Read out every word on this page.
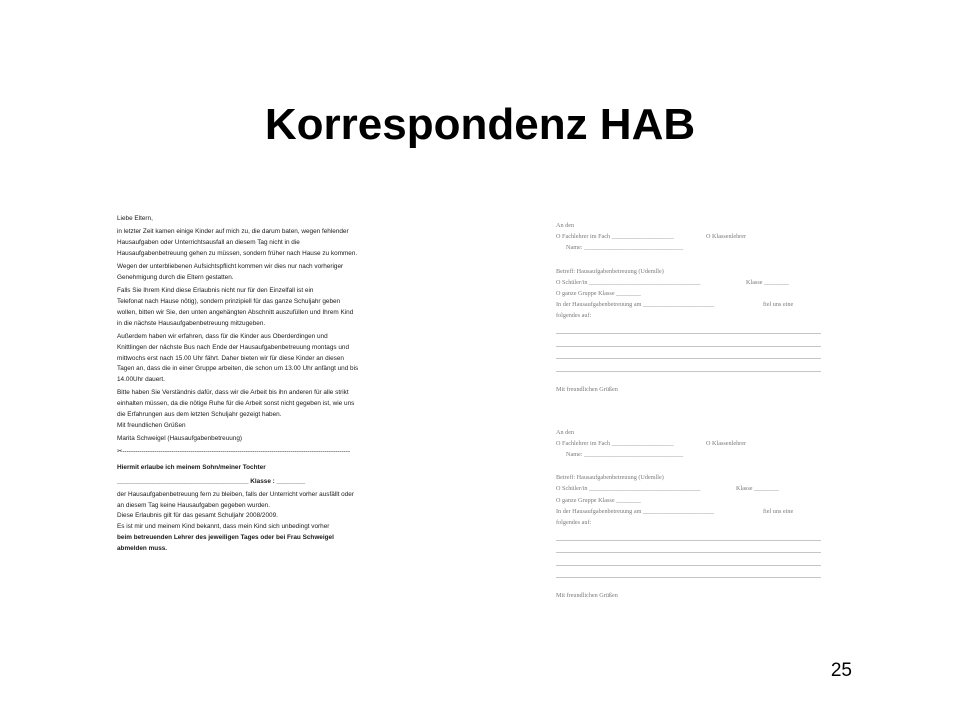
Korrespondenz HAB
Liebe Eltern,
in letzter Zeit kamen einige Kinder auf mich zu, die darum baten, wegen fehlender
Hausaufgaben oder Unterrichtsausfall an diesem Tag nicht in die
Hausaufgabenbetreuung gehen zu müssen, sondern früher nach Hause zu kommen.
Wegen der unterbliebenen Aufsichtspflicht kommen wir dies nur nach vorheriger
Genehmigung durch die Eltern gestatten.
Falls Sie Ihrem Kind diese Erlaubnis nicht nur für den Einzelfall ist ein
Telefonat nach Hause nötig), sondern prinzipiell für das ganze Schuljahr geben
wollen, bitten wir Sie, den unten angehängten Abschnitt auszufüllen und Ihrem Kind
in die nächste Hausaufgabenbetreuung mitzugeben.
Außerdem haben wir erfahren, dass für die Kinder aus Oberderdingen und
Knittlingen der nächste Bus nach Ende der Hausaufgabenbetreuung montags und
mittwochs erst nach 15.00 Uhr fährt. Daher bieten wir für diese Kinder an diesen
Tagen an, dass die in einer Gruppe arbeiten, die schon um 13.00 Uhr anfängt und bis
14.00Uhr dauert.
Bitte haben Sie Verständnis dafür, dass wir die Arbeit bis ihn anderen für alle strikt
einhalten müssen, da die nötige Ruhe für die Arbeit sonst nicht gegeben ist, wie uns
die Erfahrungen aus dem letzten Schuljahr gezeigt haben.
Mit freundlichen Grüßen
Marita Schweigel (Hausaufgabenbetreuung)
✂-----------------------------------------------------------------------------------------------------------
Hiermit erlaube ich meinem Sohn/meiner Tochter
_____________________________________ Klasse : ________
der Hausaufgabenbetreuung fern zu bleiben, falls der Unterricht vorher ausfällt oder
an diesem Tag keine Hausaufgaben gegeben wurden.
Diese Erlaubnis gilt für das gesamt Schuljahr 2008/2009.
Es ist mir und meinem Kind bekannt, dass mein Kind sich unbedingt vorher
beim betreuenden Lehrer des jeweiligen Tages oder bei Frau Schweigel
abmelden muss.
An den
O Fachlehrer im Fach ____________________	O Klassenlehrer
Name: ________________________________
Betreff: Hausaufgabenbetreuung (Udemlle)
O Schüler/in ____________________________________	Klasse ________
O ganze Gruppe Klasse ________
In der Hausaufgabenbetreuung am _______________________	fiel uns eine
folgendes auf:
Mit freundlichen Grüßen
An den
O Fachlehrer im Fach ____________________	O Klassenlehrer
Name: ________________________________
Betreff: Hausaufgabenbetreuung (Udemlle)
O Schüler/in ____________________________________	Klasse ________
O ganze Gruppe Klasse ________
In der Hausaufgabenbetreuung am _______________________	fiel uns eine
folgendes auf:
Mit freundlichen Grüßen
25
